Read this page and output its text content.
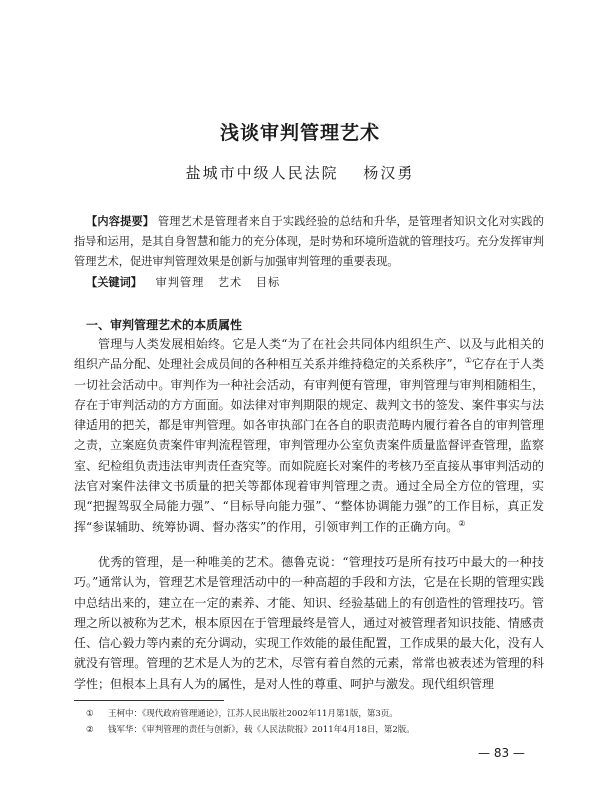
浅谈审判管理艺术
盐城市中级人民法院 杨汉勇
【内容提要】 管理艺术是管理者来自于实践经验的总结和升华，是管理者知识文化对实践的指导和运用，是其自身智慧和能力的充分体现，是时势和环境所造就的管理技巧。充分发挥审判管理艺术，促进审判管理效果是创新与加强审判管理的重要表现。
【关键词】 审判管理 艺术 目标
一、审判管理艺术的本质属性

管理与人类发展相始终。它是人类“为了在社会共同体内组织生产、以及与此相关的组织产品分配、处理社会成员间的各种相互关系并维持稳定的关系秩序”，①它存在于人类一切社会活动中。审判作为一种社会活动，有审判便有管理，审判管理与审判相随相生，存在于审判活动的方方面面。如法律对审判期限的规定、裁判文书的签发、案件事实与法律适用的把关，都是审判管理。如各审执部门在各自的职责范畴内履行着各自的审判管理之责，立案庭负责案件审判流程管理，审判管理办公室负责案件质量监督评查管理，监察室、纪检组负责违法审判责任查究等。而如院庭长对案件的考核乃至直接从事审判活动的法官对案件法律文书质量的把关等都体现着审判管理之责。通过全局全方位的管理，实现“把握驾驭全局能力强”、“目标导向能力强”、“整体协调能力强”的工作目标，真正发挥“参谋辅助、统筹协调、督办落实”的作用，引领审判工作的正确方向。②

优秀的管理，是一种唯美的艺术。德鲁克说：“管理技巧是所有技巧中最大的一种技巧。”通常认为，管理艺术是管理活动中的一种高超的手段和方法，它是在长期的管理实践中总结出来的，建立在一定的素养、才能、知识、经验基础上的有创造性的管理技巧。管理之所以被称为艺术，根本原因在于管理最终是管人，通过对被管理者知识技能、情感责任、信心毅力等内素的充分调动，实现工作效能的最佳配置，工作成果的最大化，没有人就没有管理。管理的艺术是人为的艺术，尽管有着自然的元素，常常也被表述为管理的科学性；但根本上具有人为的属性，是对人性的尊重、呵护与激发。现代组织管理

① 王柯中：《现代政府管理通论》，江苏人民出版社2002年11月第1版，第3页。
② 钱军华：《审判管理的责任与创新》，载《人民法院报》2011年4月18日，第2版。
— 83 —
